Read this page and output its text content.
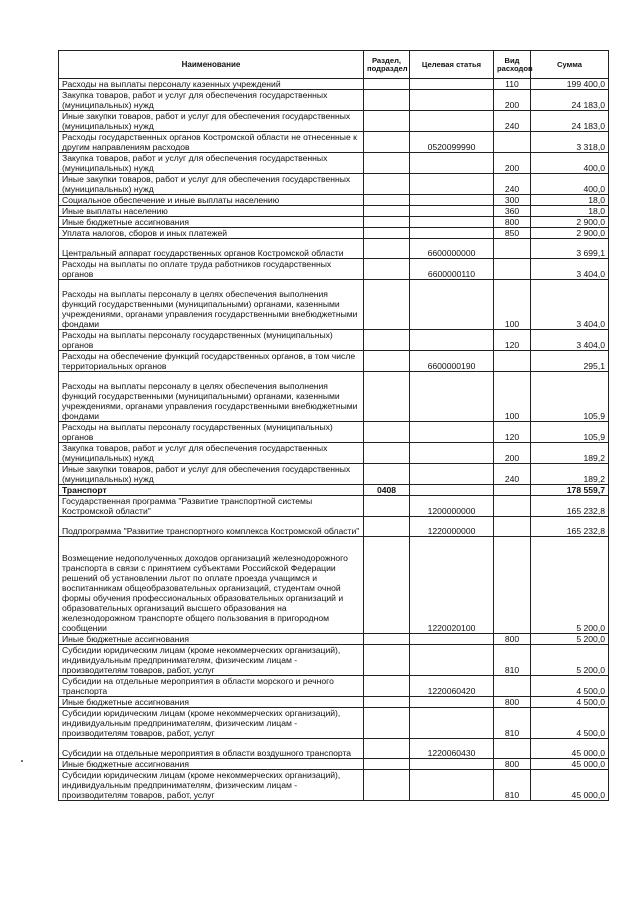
Наименование	Раздел, подраздел	Целевая статья	Вид расходов	Сумма
Расходы на выплаты персоналу казенных учреждений			110	199 400,0
Закупка товаров, работ и услуг для обеспечения государственных (муниципальных) нужд			200	24 183,0
Иные закупки товаров, работ и услуг для обеспечения государственных (муниципальных) нужд			240	24 183,0
Расходы государственных органов Костромской области не отнесенные к другим направлениям расходов		0520099990		3 318,0
Закупка товаров, работ и услуг для обеспечения государственных (муниципальных) нужд			200	400,0
Иные закупки товаров, работ и услуг для обеспечения государственных (муниципальных) нужд			240	400,0
Социальное обеспечение и иные выплаты населению			300	18,0
Иные выплаты населению			360	18,0
Иные бюджетные ассигнования			800	2 900,0
Уплата налогов, сборов и иных платежей			850	2 900,0
Центральный аппарат государственных органов Костромской области		6600000000		3 699,1
Расходы на выплаты по оплате труда работников государственных органов		6600000110		3 404,0
Расходы на выплаты персоналу в целях обеспечения выполнения функций государственными (муниципальными) органами, казенными учреждениями, органами управления государственными внебюджетными фондами			100	3 404,0
Расходы на выплаты персоналу государственных (муниципальных) органов			120	3 404,0
Расходы на обеспечение функций государственных органов, в том числе территориальных органов		6600000190		295,1
Расходы на выплаты персоналу в целях обеспечения выполнения функций государственными (муниципальными) органами, казенными учреждениями, органами управления государственными внебюджетными фондами			100	105,9
Расходы на выплаты персоналу государственных (муниципальных) органов			120	105,9
Закупка товаров, работ и услуг для обеспечения государственных (муниципальных) нужд			200	189,2
Иные закупки товаров, работ и услуг для обеспечения государственных (муниципальных) нужд			240	189,2
Транспорт	0408			178 559,7
Государственная программа "Развитие транспортной системы Костромской области"		1200000000		165 232,8
Подпрограмма "Развитие транспортного комплекса Костромской области"		1220000000		165 232,8
Возмещение недополученных доходов организаций железнодорожного транспорта в связи с принятием субъектами Российской Федерации решений об установлении льгот по оплате проезда учащимся и воспитанникам общеобразовательных организаций, студентам очной формы обучения профессиональных образовательных организаций и образовательных организаций высшего образования на железнодорожном транспорте общего пользования в пригородном сообщении		1220020100		5 200,0
Иные бюджетные ассигнования			800	5 200,0
Субсидии юридическим лицам (кроме некоммерческих организаций), индивидуальным предпринимателям, физическим лицам - производителям товаров, работ, услуг			810	5 200,0
Субсидии на отдельные мероприятия в области морского и речного транспорта		1220060420		4 500,0
Иные бюджетные ассигнования			800	4 500,0
Субсидии юридическим лицам (кроме некоммерческих организаций), индивидуальным предпринимателям, физическим лицам - производителям товаров, работ, услуг			810	4 500,0
Субсидии на отдельные мероприятия в области воздушного транспорта		1220060430		45 000,0
Иные бюджетные ассигнования			800	45 000,0
Субсидии юридическим лицам (кроме некоммерческих организаций), индивидуальным предпринимателям, физическим лицам - производителям товаров, работ, услуг			810	45 000,0
